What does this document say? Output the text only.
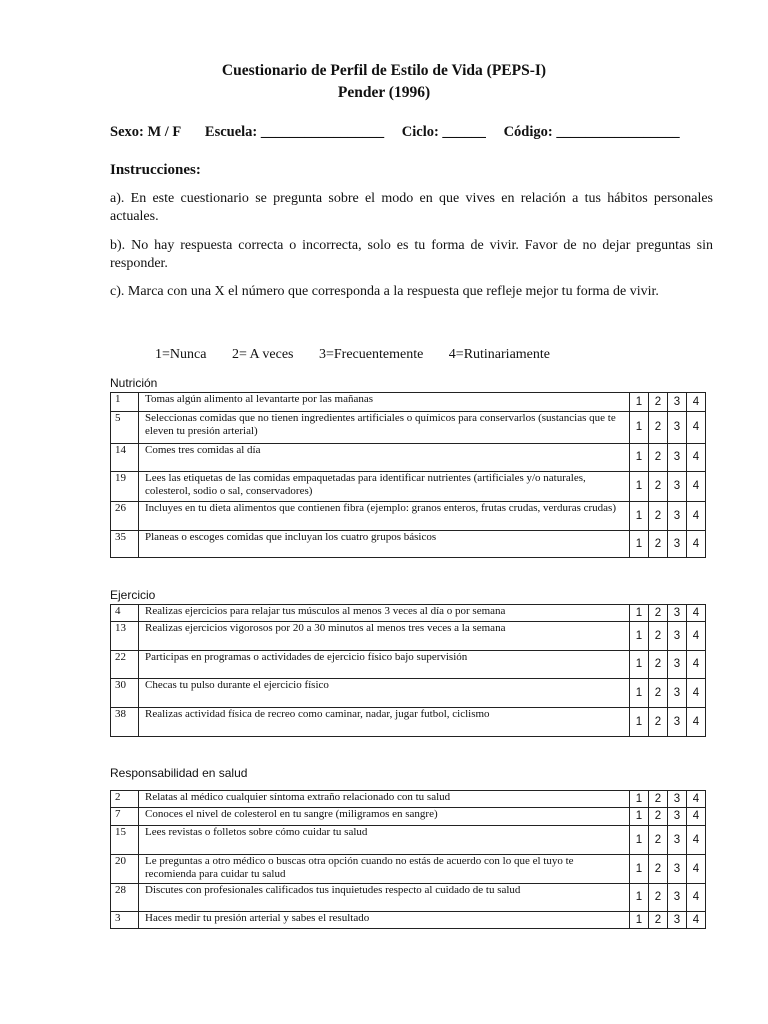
Cuestionario de Perfil de Estilo de Vida (PEPS-I)
Pender (1996)
Sexo: M / F Escuela: _________________ Ciclo: ______ Código: _________________
Instrucciones:
a). En este cuestionario se pregunta sobre el modo en que vives en relación a tus hábitos personales actuales.
b). No hay respuesta correcta o incorrecta, solo es tu forma de vivir. Favor de no dejar preguntas sin responder.
c). Marca con una X el número que corresponda a la respuesta que refleje mejor tu forma de vivir.
1=Nunca 2= A veces 3=Frecuentemente 4=Rutinariamente
Nutrición
1	Tomas algún alimento al levantarte por las mañanas	1	2	3	4
5	Seleccionas comidas que no tienen ingredientes artificiales o químicos para conservarlos (sustancias que te eleven tu presión arterial)	1	2	3	4
14	Comes tres comidas al día	1	2	3	4
19	Lees las etiquetas de las comidas empaquetadas para identificar nutrientes (artificiales y/o naturales, colesterol, sodio o sal, conservadores)	1	2	3	4
26	Incluyes en tu dieta alimentos que contienen fibra (ejemplo: granos enteros, frutas crudas, verduras crudas)	1	2	3	4
35	Planeas o escoges comidas que incluyan los cuatro grupos básicos	1	2	3	4
Ejercicio
4	Realizas ejercicios para relajar tus músculos al menos 3 veces al día o por semana	1	2	3	4
13	Realizas ejercicios vigorosos por 20 a 30 minutos al menos tres veces a la semana	1	2	3	4
22	Participas en programas o actividades de ejercicio físico bajo supervisión	1	2	3	4
30	Checas tu pulso durante el ejercicio físico	1	2	3	4
38	Realizas actividad física de recreo como caminar, nadar, jugar futbol, ciclismo	1	2	3	4
Responsabilidad en salud
2	Relatas al médico cualquier síntoma extraño relacionado con tu salud	1	2	3	4
7	Conoces el nivel de colesterol en tu sangre (miligramos en sangre)	1	2	3	4
15	Lees revistas o folletos sobre cómo cuidar tu salud	1	2	3	4
20	Le preguntas a otro médico o buscas otra opción cuando no estás de acuerdo con lo que el tuyo te recomienda para cuidar tu salud	1	2	3	4
28	Discutes con profesionales calificados tus inquietudes respecto al cuidado de tu salud	1	2	3	4
3	Haces medir tu presión arterial y sabes el resultado	1	2	3	4
